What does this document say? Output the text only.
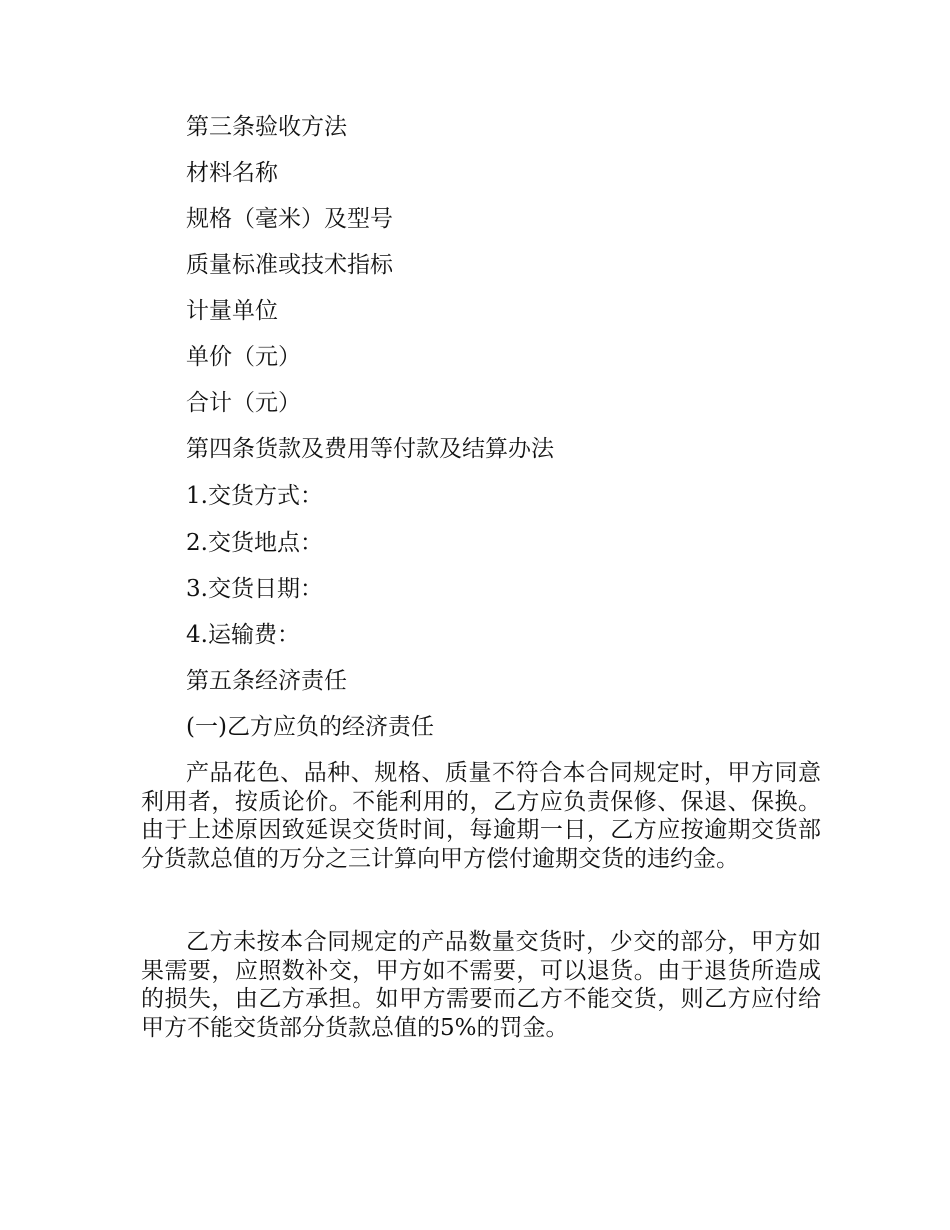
第三条验收方法
材料名称
规格（毫米）及型号
质量标准或技术指标
计量单位
单价（元）
合计（元）
第四条货款及费用等付款及结算办法
1.交货方式：
2.交货地点：
3.交货日期：
4.运输费：
第五条经济责任
(一)乙方应负的经济责任
产品花色、品种、规格、质量不符合本合同规定时，甲方同意利用者，按质论价。不能利用的，乙方应负责保修、保退、保换。由于上述原因致延误交货时间，每逾期一日，乙方应按逾期交货部分货款总值的万分之三计算向甲方偿付逾期交货的违约金。
乙方未按本合同规定的产品数量交货时，少交的部分，甲方如果需要，应照数补交，甲方如不需要，可以退货。由于退货所造成的损失，由乙方承担。如甲方需要而乙方不能交货，则乙方应付给甲方不能交货部分货款总值的5%的罚金。
